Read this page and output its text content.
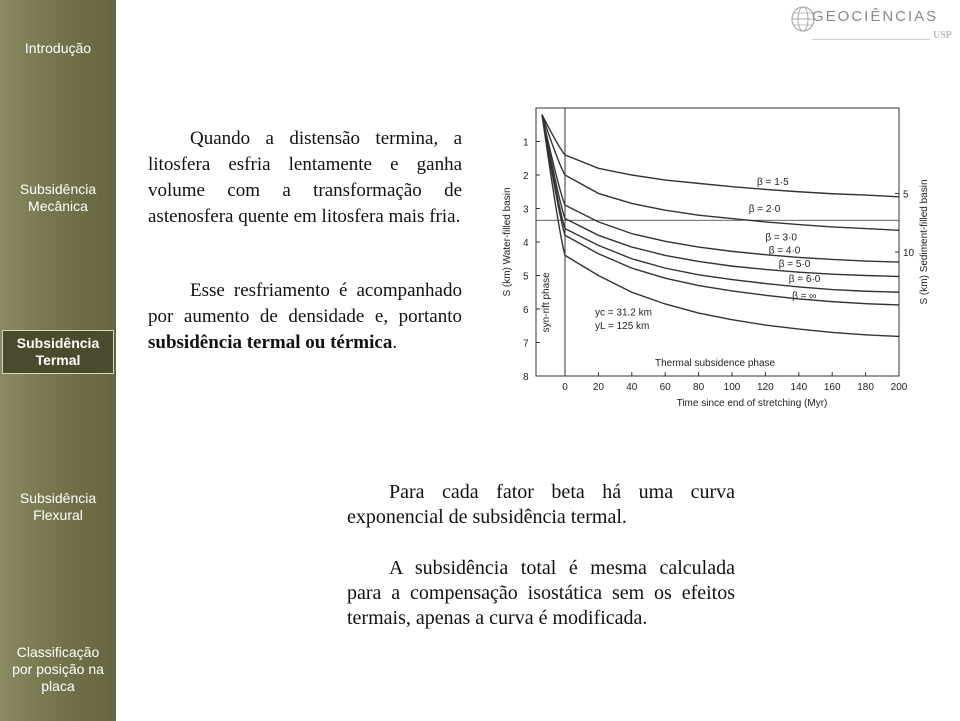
Introdução
Subsidência Mecânica
Subsidência Termal
Subsidência Flexural
Classificação por posição na placa
GEOCIÊNCIAS
USP

Quando a distensão termina, a litosfera esfria lentamente e ganha volume com a transformação de astenosfera quente em litosfera mais fria.

Esse resfriamento é acompanhado por aumento de densidade e, portanto subsidência termal ou térmica.

Para cada fator beta há uma curva exponencial de subsidência termal.

A subsidência total é mesma calculada para a compensação isostática sem os efeitos termais, apenas a curva é modificada.

1
2
3
4
5
6
7
8
5
10
0	20 40 60 80 100 120 140 160 180 200
Time since end of stretching (Myr)
S (km) Water-filled basin	S (km) Sediment-filled basin
syn-rift phase
Thermal subsidence phase
yc = 31.2 km
yL = 125 km
β = 1·5
β = 2·0
β = 3·0
β = 4·0
β = 5·0
β = 6·0
β = ∞
